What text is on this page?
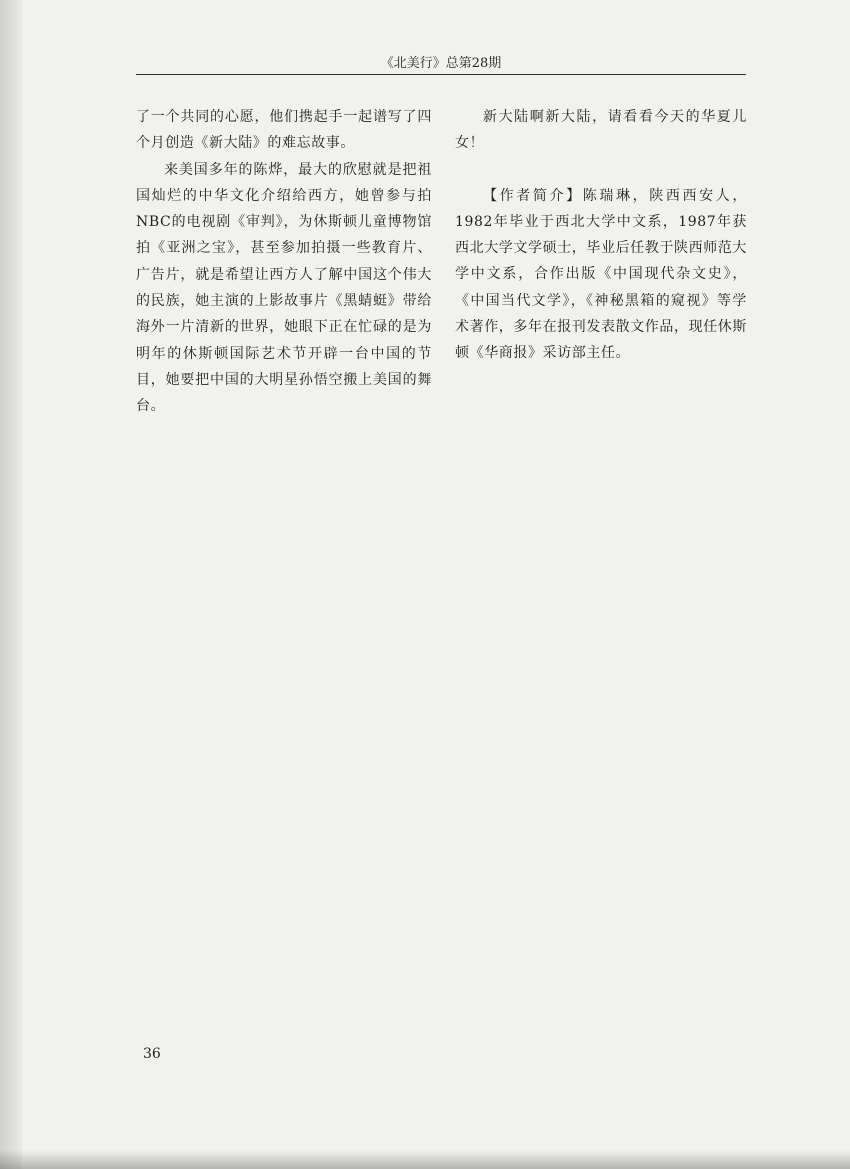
《北美行》总第28期

了一个共同的心愿，他们携起手一起谱写了四个月创造《新大陆》的难忘故事。

来美国多年的陈烨，最大的欣慰就是把祖国灿烂的中华文化介绍给西方，她曾参与拍NBC的电视剧《审判》，为休斯顿儿童博物馆拍《亚洲之宝》，甚至参加拍摄一些教育片、广告片，就是希望让西方人了解中国这个伟大的民族，她主演的上影故事片《黑蜻蜓》带给海外一片清新的世界，她眼下正在忙碌的是为明年的休斯顿国际艺术节开辟一台中国的节目，她要把中国的大明星孙悟空搬上美国的舞台。

新大陆啊新大陆，请看看今天的华夏儿女！

【作者简介】陈瑞琳，陕西西安人，1982年毕业于西北大学中文系，1987年获西北大学文学硕士，毕业后任教于陕西师范大学中文系，合作出版《中国现代杂文史》，《中国当代文学》，《神秘黑箱的窥视》等学术著作，多年在报刊发表散文作品，现任休斯顿《华商报》采访部主任。

36
